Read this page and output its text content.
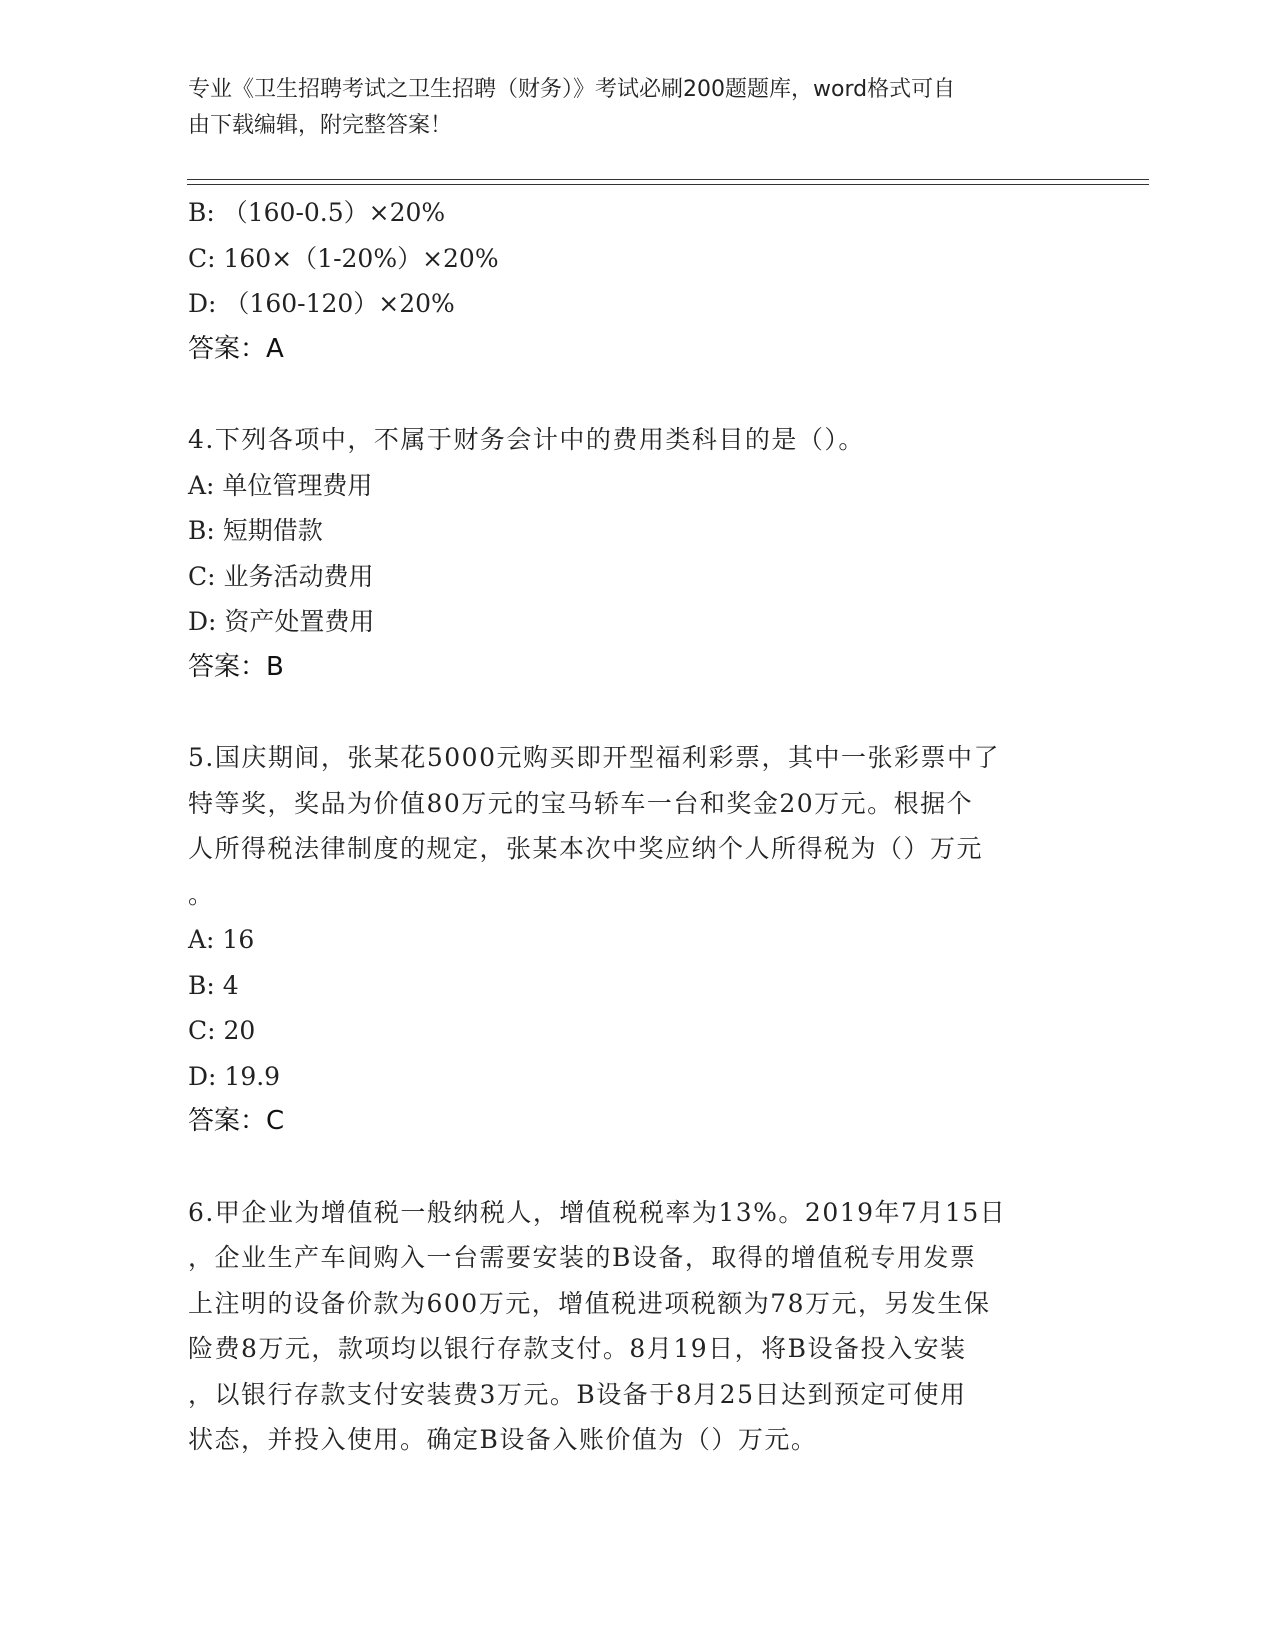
专业《卫生招聘考试之卫生招聘（财务）》考试必刷200题题库，word格式可自
由下载编辑，附完整答案！
B: （160-0.5）×20%
C: 160×（1-20%）×20%
D: （160-120）×20%
答案：A
4.下列各项中，不属于财务会计中的费用类科目的是（）。
A: 单位管理费用
B: 短期借款
C: 业务活动费用
D: 资产处置费用
答案：B
5.国庆期间，张某花5000元购买即开型福利彩票，其中一张彩票中了
特等奖，奖品为价值80万元的宝马轿车一台和奖金20万元。根据个
人所得税法律制度的规定，张某本次中奖应纳个人所得税为（）万元
。
A: 16
B: 4
C: 20
D: 19.9
答案：C
6.甲企业为增值税一般纳税人，增值税税率为13%。2019年7月15日
，企业生产车间购入一台需要安装的B设备，取得的增值税专用发票
上注明的设备价款为600万元，增值税进项税额为78万元，另发生保
险费8万元，款项均以银行存款支付。8月19日，将B设备投入安装
，以银行存款支付安装费3万元。B设备于8月25日达到预定可使用
状态，并投入使用。确定B设备入账价值为（）万元。
